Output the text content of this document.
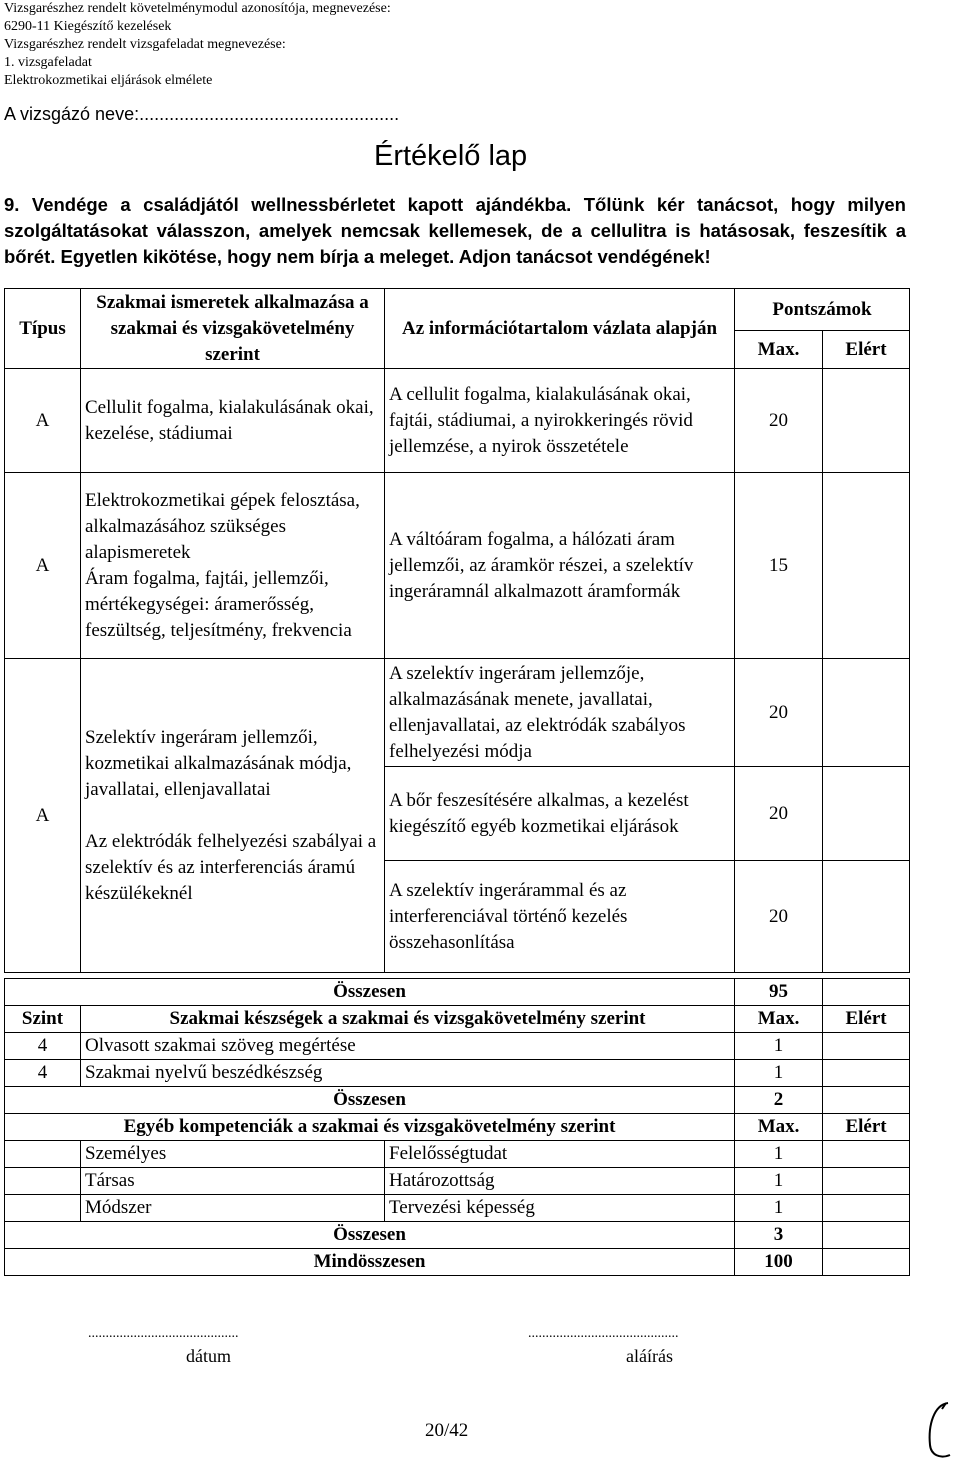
Vizsgarészhez rendelt követelménymodul azonosítója, megnevezése:
6290-11 Kiegészítő kezelések
Vizsgarészhez rendelt vizsgafeladat megnevezése:
1. vizsgafeladat
Elektrokozmetikai eljárások elmélete
A vizsgázó neve:....................................................
Értékelő lap
9. Vendége a családjától wellnessbérletet kapott ajándékba. Tőlünk kér tanácsot, hogy milyen szolgáltatásokat válasszon, amelyek nemcsak kellemesek, de a cellulitra is hatásosak, feszesítik a bőrét. Egyetlen kikötése, hogy nem bírja a meleget. Adjon tanácsot vendégének!
Típus	Szakmai ismeretek alkalmazása a szakmai és vizsgakövetelmény szerint	Az információtartalom vázlata alapján	Pontszámok	
			Max.	Elért
A	Cellulit fogalma, kialakulásának okai, kezelése, stádiumai	A cellulit fogalma, kialakulásának okai, fajtái, stádiumai, a nyirokkeringés rövid jellemzése, a nyirok összetétele	20	
A	Elektrokozmetikai gépek felosztása, alkalmazásához szükséges alapismeretek
Áram fogalma, fajtái, jellemzői, mértékegységei: áramerősség, feszültség, teljesítmény, frekvencia	A váltóáram fogalma, a hálózati áram jellemzői, az áramkör részei, a szelektív ingeráramnál alkalmazott áramformák	15	
A	Szelektív ingeráram jellemzői, kozmetikai alkalmazásának módja, javallatai, ellenjavallatai
Az elektródák felhelyezési szabályai a szelektív és az interferenciás áramú készülékeknél	A szelektív ingeráram jellemzője, alkalmazásának menete, javallatai, ellenjavallatai, az elektródák szabályos felhelyezési módja	20	
		A bőr feszesítésére alkalmas, a kezelést kiegészítő egyéb kozmetikai eljárások	20	
		A szelektív ingerárammal és az interferenciával történő kezelés összehasonlítása	20	
Összesen			95	
Szint	Szakmai készségek a szakmai és vizsgakövetelmény szerint		Max.	Elért
4	Olvasott szakmai szöveg megértése		1	
4	Szakmai nyelvű beszédkészség		1	
Összesen			2	
Egyéb kompetenciák a szakmai és vizsgakövetelmény szerint			Max.	Elért
	Személyes	Felelősségtudat	1	
	Társas	Határozottság	1	
	Módszer	Tervezési képesség	1	
Összesen			3	
Mindösszesen			100	
...........................................
dátum
...........................................
aláírás
20/42
